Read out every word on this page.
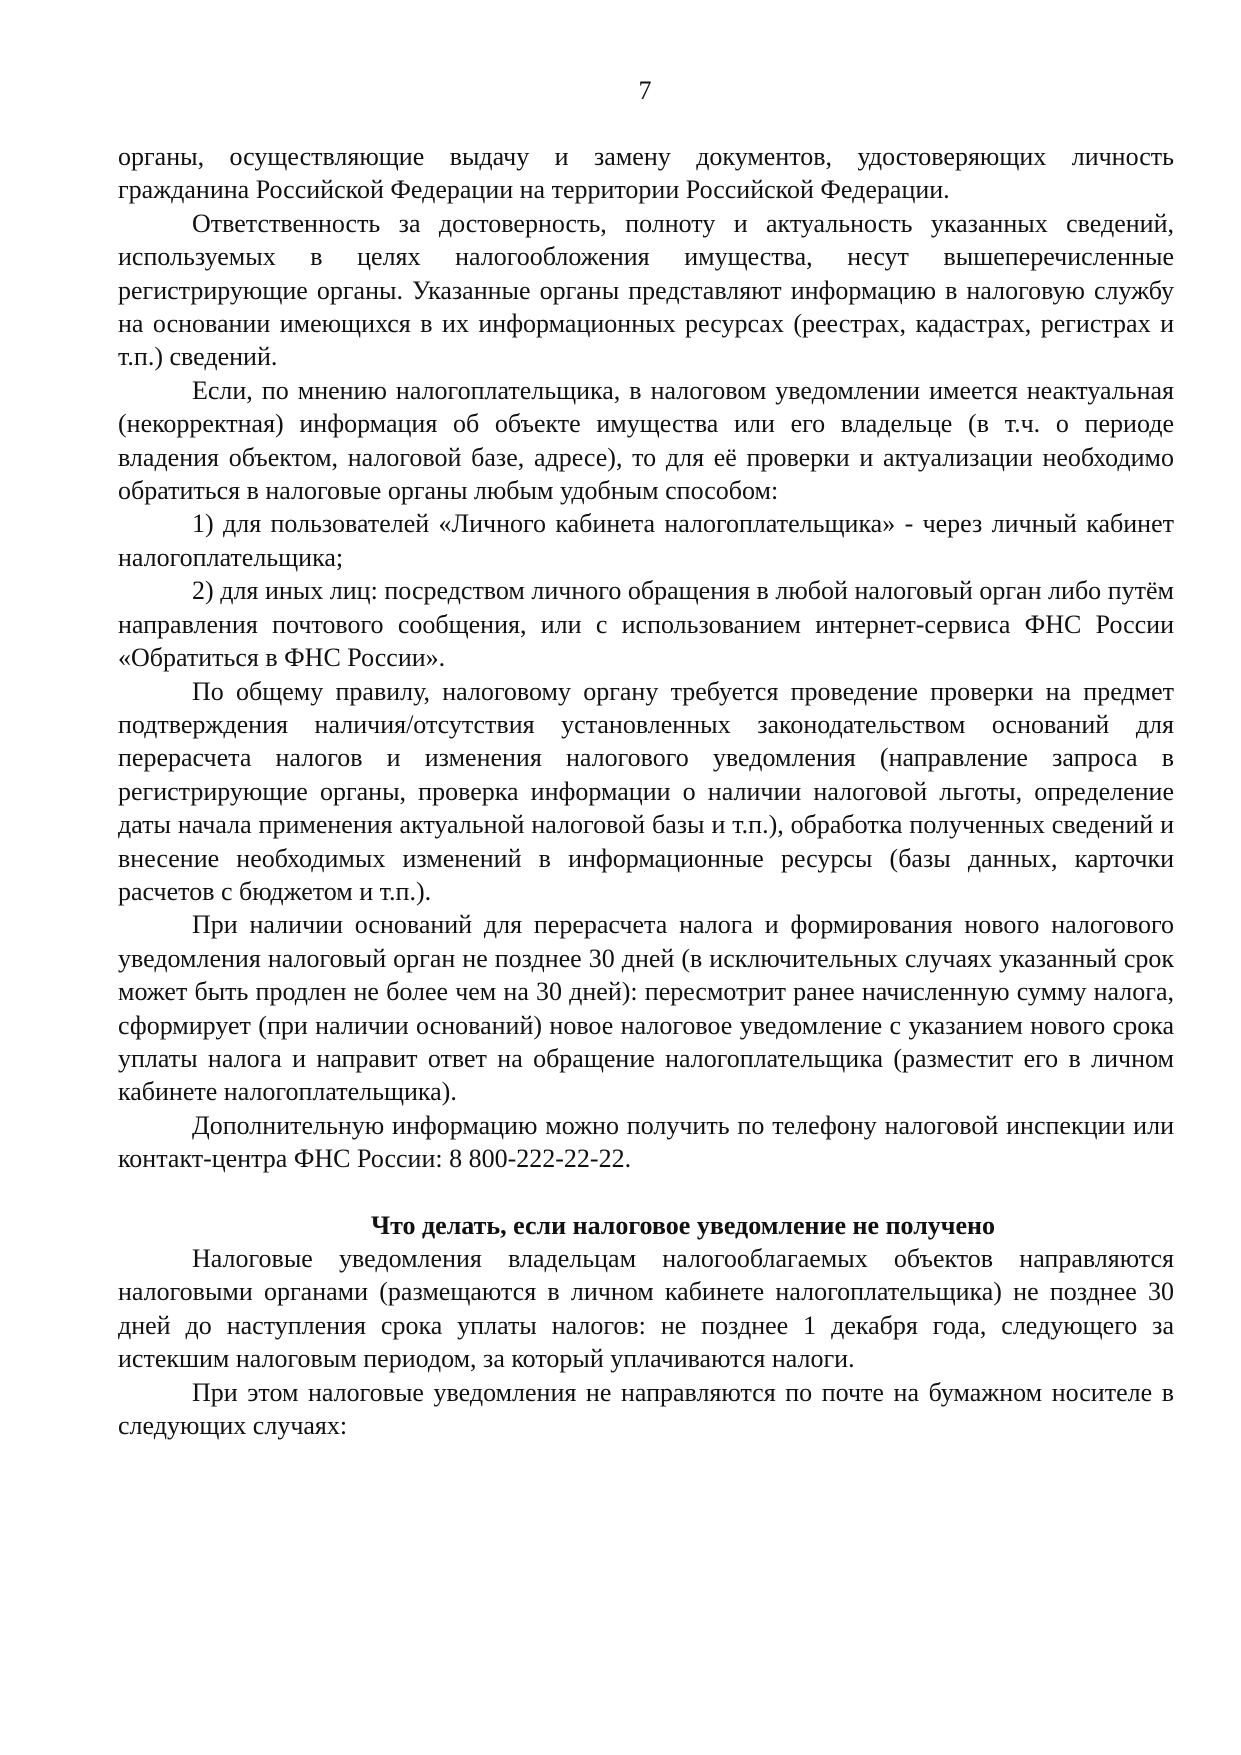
7

органы, осуществляющие выдачу и замену документов, удостоверяющих личность гражданина Российской Федерации на территории Российской Федерации.

Ответственность за достоверность, полноту и актуальность указанных сведений, используемых в целях налогообложения имущества, несут вышеперечисленные регистрирующие органы. Указанные органы представляют информацию в налоговую службу на основании имеющихся в их информационных ресурсах (реестрах, кадастрах, регистрах и т.п.) сведений.

Если, по мнению налогоплательщика, в налоговом уведомлении имеется неактуальная (некорректная) информация об объекте имущества или его владельце (в т.ч. о периоде владения объектом, налоговой базе, адресе), то для её проверки и актуализации необходимо обратиться в налоговые органы любым удобным способом:

1) для пользователей «Личного кабинета налогоплательщика» - через личный кабинет налогоплательщика;

2) для иных лиц: посредством личного обращения в любой налоговый орган либо путём направления почтового сообщения, или с использованием интернет-сервиса ФНС России «Обратиться в ФНС России».

По общему правилу, налоговому органу требуется проведение проверки на предмет подтверждения наличия/отсутствия установленных законодательством оснований для перерасчета налогов и изменения налогового уведомления (направление запроса в регистрирующие органы, проверка информации о наличии налоговой льготы, определение даты начала применения актуальной налоговой базы и т.п.), обработка полученных сведений и внесение необходимых изменений в информационные ресурсы (базы данных, карточки расчетов с бюджетом и т.п.).

При наличии оснований для перерасчета налога и формирования нового налогового уведомления налоговый орган не позднее 30 дней (в исключительных случаях указанный срок может быть продлен не более чем на 30 дней): пересмотрит ранее начисленную сумму налога, сформирует (при наличии оснований) новое налоговое уведомление с указанием нового срока уплаты налога и направит ответ на обращение налогоплательщика (разместит его в личном кабинете налогоплательщика).

Дополнительную информацию можно получить по телефону налоговой инспекции или контакт-центра ФНС России: 8 800-222-22-22.

Что делать, если налоговое уведомление не получено

Налоговые уведомления владельцам налогооблагаемых объектов направляются налоговыми органами (размещаются в личном кабинете налогоплательщика) не позднее 30 дней до наступления срока уплаты налогов: не позднее 1 декабря года, следующего за истекшим налоговым периодом, за который уплачиваются налоги.

При этом налоговые уведомления не направляются по почте на бумажном носителе в следующих случаях:
